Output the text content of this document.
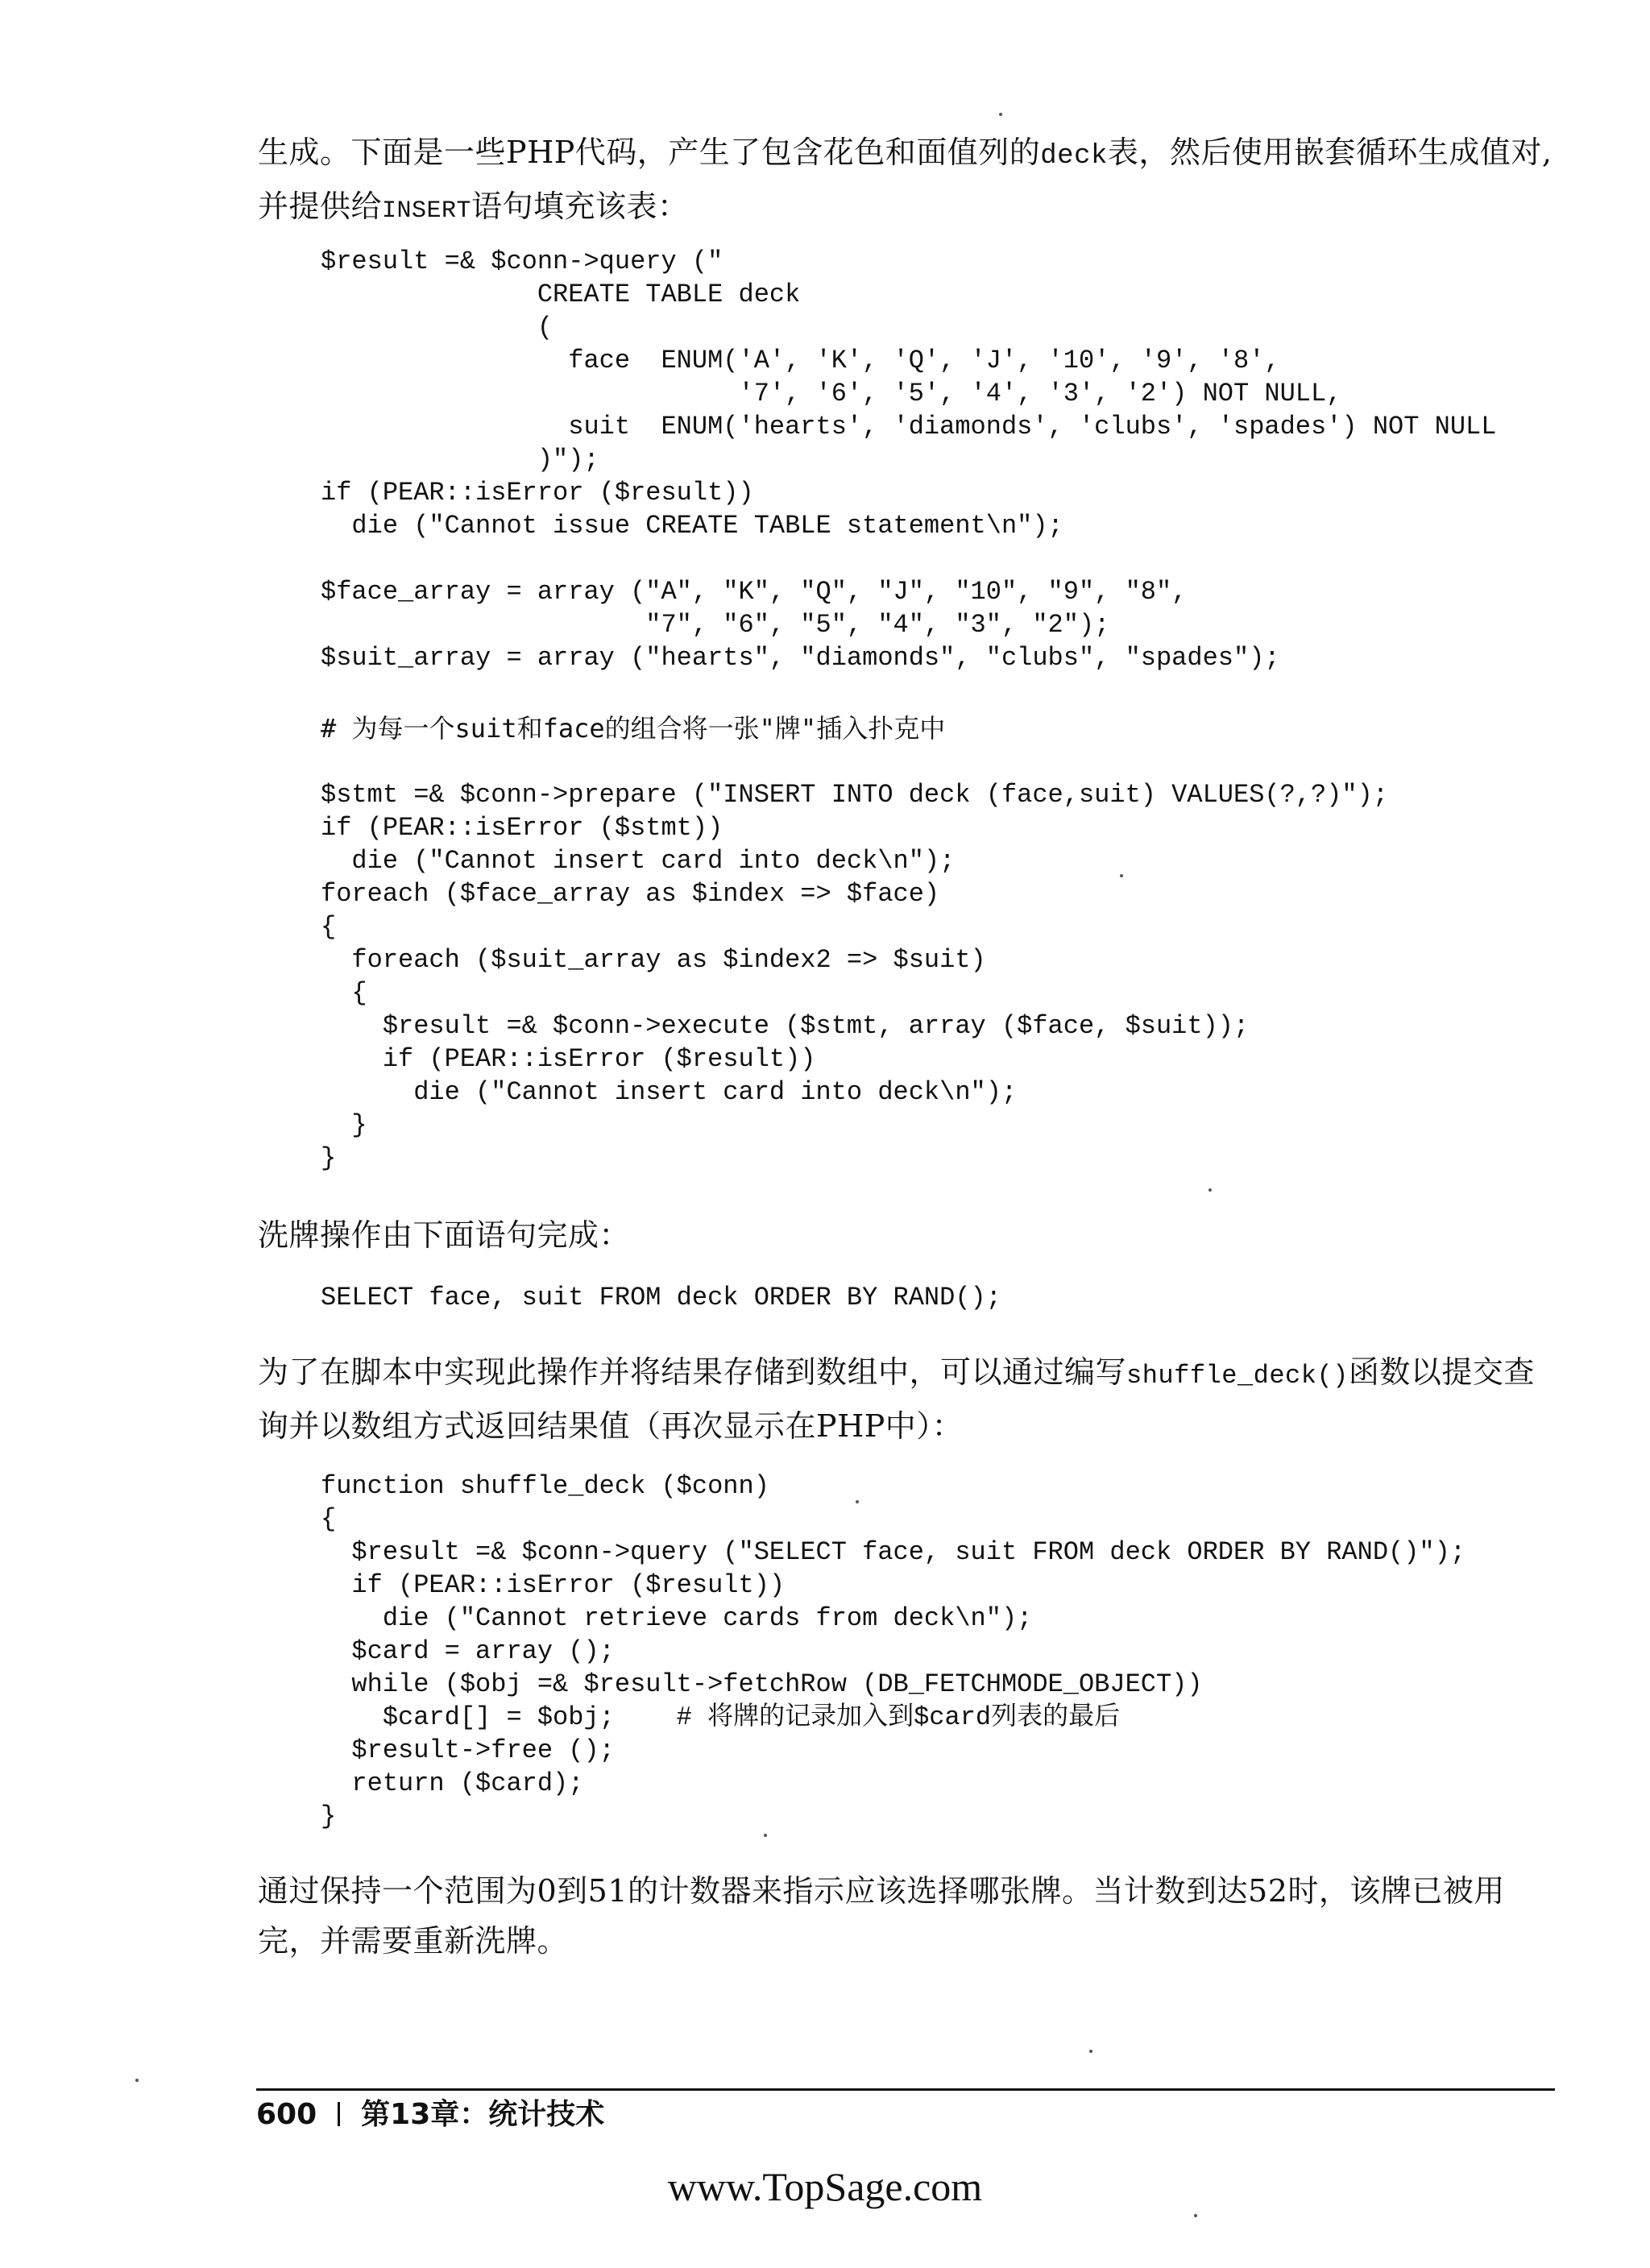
生成。下面是一些PHP代码，产生了包含花色和面值列的deck表，然后使用嵌套循环生成值对,并提供给INSERT语句填充该表：

$result =& $conn->query ("
CREATE TABLE deck
(
face  ENUM('A', 'K', 'Q', 'J', '10', '9', '8',
'7', '6', '5', '4', '3', '2') NOT NULL,
suit  ENUM('hearts', 'diamonds', 'clubs', 'spades') NOT NULL
)");
if (PEAR::isError ($result))
die ("Cannot issue CREATE TABLE statement\n");

$face_array = array ("A", "K", "Q", "J", "10", "9", "8",
"7", "6", "5", "4", "3", "2");
$suit_array = array ("hearts", "diamonds", "clubs", "spades");
# 为每一个suit和face的组合将一张"牌"插入扑克中
$stmt =& $conn->prepare ("INSERT INTO deck (face,suit) VALUES(?,?)");
if (PEAR::isError ($stmt))
die ("Cannot insert card into deck\n");
foreach ($face_array as $index => $face)
{
foreach ($suit_array as $index2 => $suit)
{
$result =& $conn->execute ($stmt, array ($face, $suit));
if (PEAR::isError ($result))
die ("Cannot insert card into deck\n");
}
}

洗牌操作由下面语句完成：

SELECT face, suit FROM deck ORDER BY RAND();

为了在脚本中实现此操作并将结果存储到数组中，可以通过编写shuffle_deck()函数以提交查询并以数组方式返回结果值（再次显示在PHP中）：

function shuffle_deck ($conn)
{
$result =& $conn->query ("SELECT face, suit FROM deck ORDER BY RAND()");
if (PEAR::isError ($result))
die ("Cannot retrieve cards from deck\n");
$card = array ();
while ($obj =& $result->fetchRow (DB_FETCHMODE_OBJECT))
$card[] = $obj;    # 将牌的记录加入到$card列表的最后
$result->free ();
return ($card);
}

通过保持一个范围为0到51的计数器来指示应该选择哪张牌。当计数到达52时，该牌已被用完，并需要重新洗牌。

600 第13章：统计技术
www.TopSage.com
